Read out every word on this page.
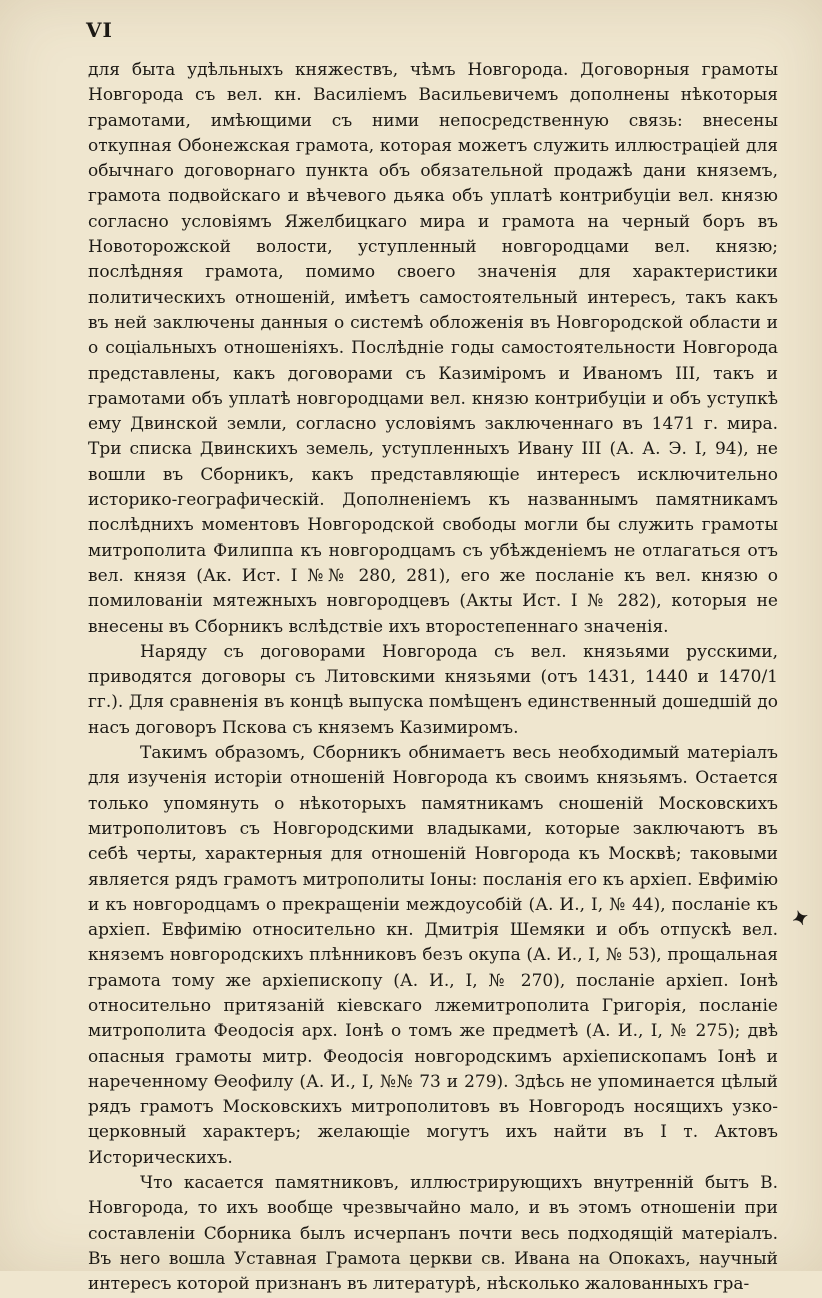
VI

для быта удѣльныхъ княжествъ, чѣмъ Новгорода. Договорныя грамоты Новгорода съ вел. кн. Василіемъ Васильевичемъ дополнены нѣкоторыя грамотами, имѣющими съ ними непосредственную связь: внесены откупная Обонежская грамота, которая можетъ служить иллюстраціей для обычнаго договорнаго пункта объ обязательной продажѣ дани княземъ, грамота подвойскаго и вѣчевого дьяка объ уплатѣ контрибуціи вел. князю согласно условіямъ Яжелбицкаго мира и грамота на черный боръ въ Новоторожской волости, уступленный новгородцами вел. князю; послѣдняя грамота, помимо своего значенія для характеристики политическихъ отношеній, имѣетъ самостоятельный интересъ, такъ какъ въ ней заключены данныя о системѣ обложенія въ Новгородской области и о соціальныхъ отношеніяхъ. Послѣдніе годы самостоятельности Новгорода представлены, какъ договорами съ Казиміромъ и Иваномъ III, такъ и грамотами объ уплатѣ новгородцами вел. князю контрибуціи и объ уступкѣ ему Двинской земли, согласно условіямъ заключеннаго въ 1471 г. мира. Три списка Двинскихъ земель, уступленныхъ Ивану III (А. А. Э. I, 94), не вошли въ Сборникъ, какъ представляющіе интересъ исключительно историко-географическій. Дополненіемъ къ названнымъ памятникамъ послѣднихъ моментовъ Новгородской свободы могли бы служить грамоты митрополита Филиппа къ новгородцамъ съ убѣжденіемъ не отлагаться отъ вел. князя (Ак. Ист. I №№ 280, 281), его же посланіе къ вел. князю о помилованіи мятежныхъ новгородцевъ (Акты Ист. I № 282), которыя не внесены въ Сборникъ вслѣдствіе ихъ второстепеннаго значенія.

Наряду съ договорами Новгорода съ вел. князьями русскими, приводятся договоры съ Литовскими князьями (отъ 1431, 1440 и 1470/1 гг.). Для сравненія въ концѣ выпуска помѣщенъ единственный дошедшій до насъ договоръ Пскова съ княземъ Казимиромъ.

Такимъ образомъ, Сборникъ обнимаетъ весь необходимый матеріалъ для изученія исторіи отношеній Новгорода къ своимъ князьямъ. Остается только упомянуть о нѣкоторыхъ памятникамъ сношеній Московскихъ митрополитовъ съ Новгородскими владыками, которые заключаютъ въ себѣ черты, характерныя для отношеній Новгорода къ Москвѣ; таковыми является рядъ грамотъ митрополиты Іоны: посланія его къ архіеп. Евфимію и къ новгородцамъ о прекращеніи междоусобій (А. И., I, № 44), посланіе къ архіеп. Евфимію относительно кн. Дмитрія Шемяки и объ отпускѣ вел. княземъ новгородскихъ плѣнниковъ безъ окупа (А. И., I, № 53), прощальная грамота тому же архіепископу (А. И., I, № 270), посланіе архіеп. Іонѣ относительно притязаній кіевскаго лжемитрополита Григорія, посланіе митрополита Феодосія арх. Іонѣ о томъ же предметѣ (А. И., I, № 275); двѣ опасныя грамоты митр. Феодосія новгородскимъ архіепископамъ Іонѣ и нареченному Ѳеофилу (А. И., I, №№ 73 и 279). Здѣсь не упоминается цѣлый рядъ грамотъ Московскихъ митрополитовъ въ Новгородъ носящихъ узко-церковный характеръ; желающіе могутъ ихъ найти въ I т. Актовъ Историческихъ.

Что касается памятниковъ, иллюстрирующихъ внутренній бытъ В. Новгорода, то ихъ вообще чрезвычайно мало, и въ этомъ отношеніи при составленіи Сборника былъ исчерпанъ почти весь подходящій матеріалъ. Въ него вошла Уставная Грамота церкви св. Ивана на Опокахъ, научный интересъ которой признанъ въ литературѣ, нѣсколько жалованныхъ гра-

✦
